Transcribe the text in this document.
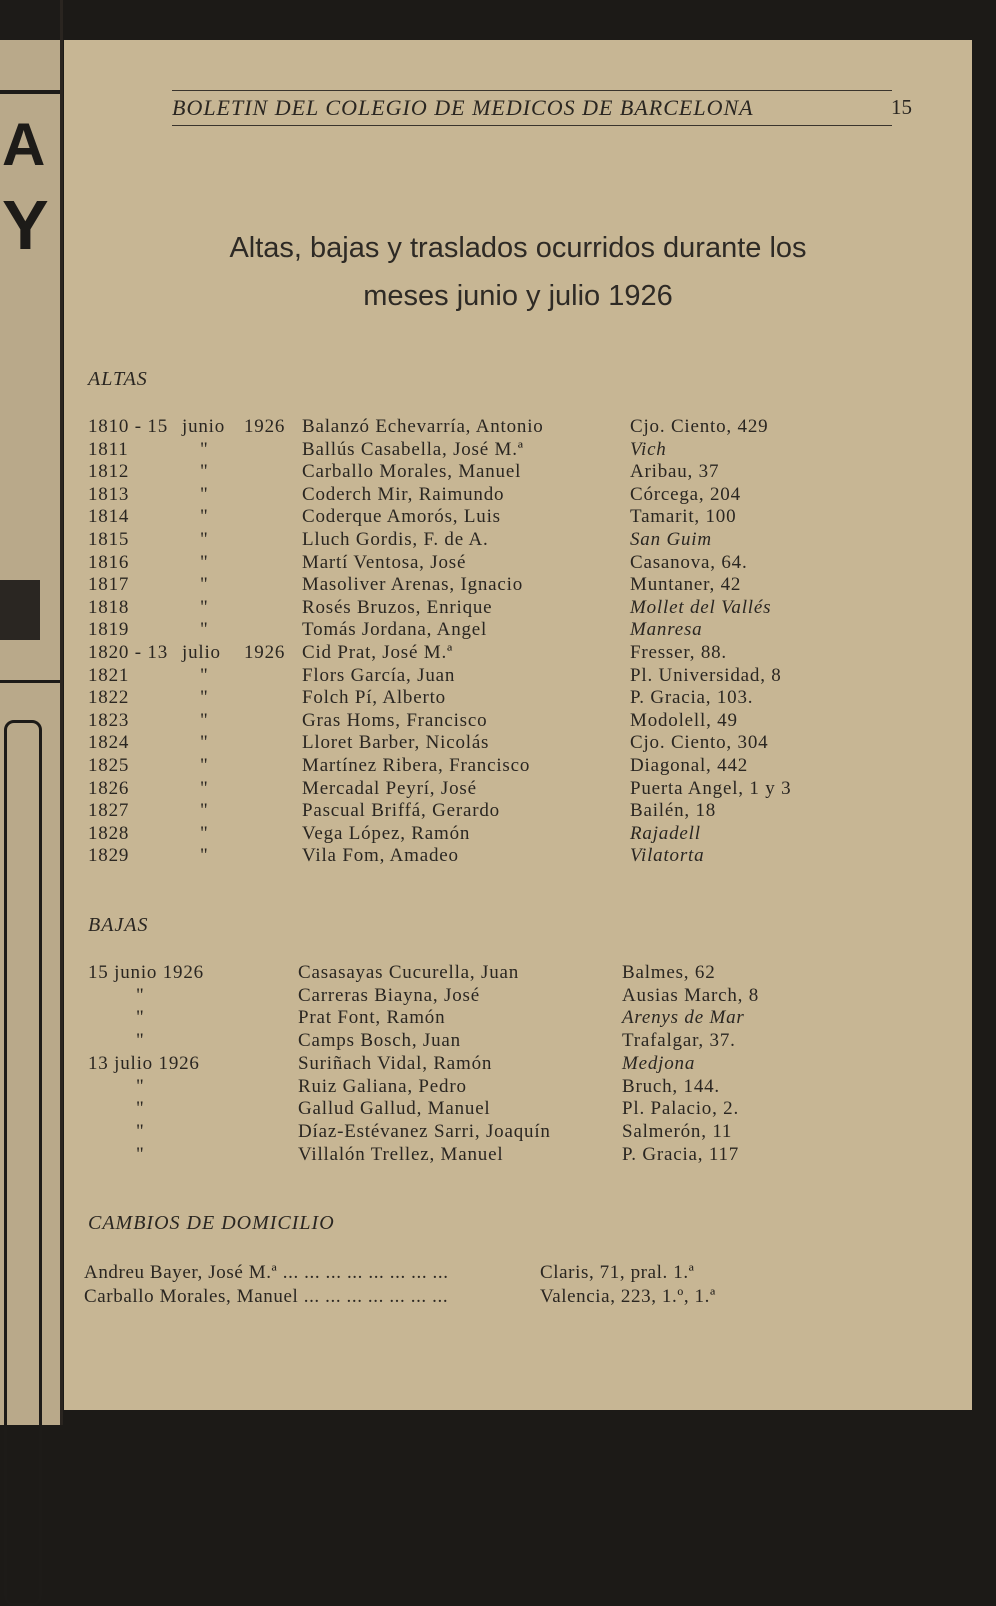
A
Y
BOLETIN DEL COLEGIO DE MEDICOS DE BARCELONA	15
Altas, bajas y traslados ocurridos durante los
meses junio y julio 1926
ALTAS
1810 - 15 junio 1926 Balanzó Echevarría, Antonio	Cjo. Ciento, 429
1811	"	Ballús Casabella, José M.ª	Vich
1812	"	Carballo Morales, Manuel	Aribau, 37
1813	"	Coderch Mir, Raimundo	Córcega, 204
1814	"	Coderque Amorós, Luis	Tamarit, 100
1815	"	Lluch Gordis, F. de A.	San Guim
1816	"	Martí Ventosa, José	Casanova, 64.
1817	"	Masoliver Arenas, Ignacio	Muntaner, 42
1818	"	Rosés Bruzos, Enrique	Mollet del Vallés
1819	"	Tomás Jordana, Angel	Manresa
1820 - 13 julio 1926 Cid Prat, José M.ª	Fresser, 88.
1821	"	Flors García, Juan	Pl. Universidad, 8
1822	"	Folch Pí, Alberto	P. Gracia, 103.
1823	"	Gras Homs, Francisco	Modolell, 49
1824	"	Lloret Barber, Nicolás	Cjo. Ciento, 304
1825	"	Martínez Ribera, Francisco	Diagonal, 442
1826	"	Mercadal Peyrí, José	Puerta Angel, 1 y 3
1827	"	Pascual Briffá, Gerardo	Bailén, 18
1828	"	Vega López, Ramón	Rajadell
1829	"	Vila Fom, Amadeo	Vilatorta
BAJAS
15 junio 1926	Casasayas Cucurella, Juan	Balmes, 62
"	Carreras Biayna, José	Ausias March, 8
"	Prat Font, Ramón	Arenys de Mar
"	Camps Bosch, Juan	Trafalgar, 37.
13 julio 1926	Suriñach Vidal, Ramón	Medjona
"	Ruiz Galiana, Pedro	Bruch, 144.
"	Gallud Gallud, Manuel	Pl. Palacio, 2.
"	Díaz-Estévanez Sarri, Joaquín	Salmerón, 11
"	Villalón Trellez, Manuel	P. Gracia, 117
CAMBIOS DE DOMICILIO
Andreu Bayer, José M.ª ... ... ... ... ... ... ... ...	Claris, 71, pral. 1.ª
Carballo Morales, Manuel ... ... ... ... ... ... ...	Valencia, 223, 1.º, 1.ª
